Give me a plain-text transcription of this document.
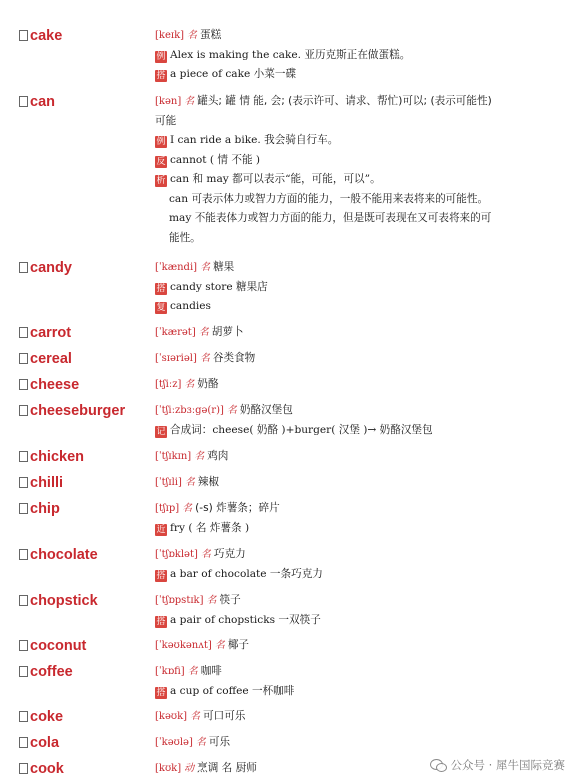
cake	[keɪk] 名 蛋糕
例 Alex is making the cake. 亚历克斯正在做蛋糕。
搭 a piece of cake 小菜一碟
can	[kən] 名 罐头; 罐 情 能, 会; (表示许可、请求、帮忙)可以; (表示可能性)
可能
例 I can ride a bike. 我会骑自行车。
反 cannot ( 情 不能 )
析 can 和 may 都可以表示“能，可能，可以”。
can 可表示体力或智力方面的能力，一般不能用来表将来的可能性。
may 不能表体力或智力方面的能力，但是既可表现在又可表将来的可
能性。
candy	[ˈkændi] 名 糖果
搭 candy store 糖果店
复 candies
carrot	[ˈkærət] 名 胡萝卜
cereal	[ˈsɪəriəl] 名 谷类食物
cheese	[tʃiːz] 名 奶酪
cheeseburger	[ˈtʃiːzbɜːgə(r)] 名 奶酪汉堡包
记 合成词：cheese( 奶酪 )+burger( 汉堡 )→ 奶酪汉堡包
chicken	[ˈtʃɪkɪn] 名 鸡肉
chilli	[ˈtʃɪli] 名 辣椒
chip	[tʃɪp] 名 (-s) 炸薯条；碎片
近 fry ( 名 炸薯条 )
chocolate	[ˈtʃɒklət] 名 巧克力
搭 a bar of chocolate 一条巧克力
chopstick	[ˈtʃɒpstɪk] 名 筷子
搭 a pair of chopsticks 一双筷子
coconut	[ˈkəʊkənʌt] 名 椰子
coffee	[ˈkɒfi] 名 咖啡
搭 a cup of coffee 一杯咖啡
coke	[kəʊk] 名 可口可乐
cola	[ˈkəʊlə] 名 可乐
cook	[kʊk] 动 烹调 名 厨师	公众号 · 犀牛国际竞赛
